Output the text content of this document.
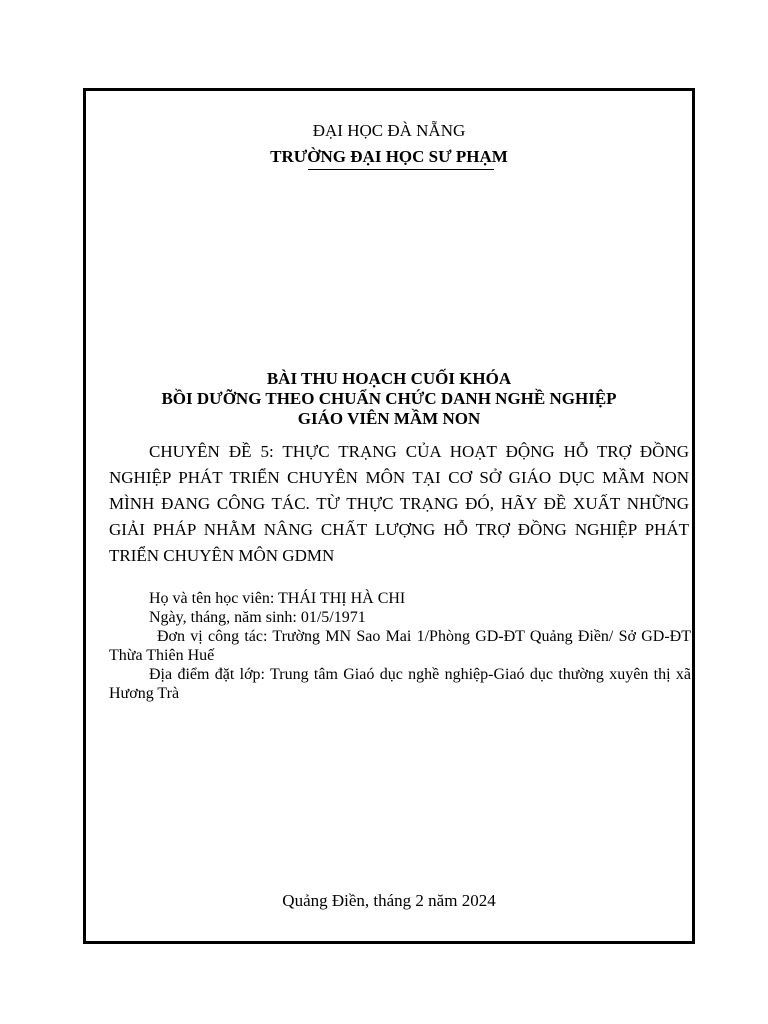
ĐẠI HỌC ĐÀ NẴNG
TRƯỜNG ĐẠI HỌC SƯ PHẠM
BÀI THU HOẠCH CUỐI KHÓA
BỒI DƯỠNG THEO CHUẨN CHỨC DANH NGHỀ NGHIỆP
GIÁO VIÊN MẦM NON
CHUYÊN ĐỀ 5: THỰC TRẠNG CỦA HOẠT ĐỘNG HỖ TRỢ ĐỒNG NGHIỆP PHÁT TRIỂN CHUYÊN MÔN TẠI CƠ SỞ GIÁO DỤC MẦM NON MÌNH ĐANG CÔNG TÁC. TỪ THỰC TRẠNG ĐÓ, HÃY ĐỀ XUẤT NHỮNG GIẢI PHÁP NHẰM NÂNG CHẤT LƯỢNG HỖ TRỢ ĐỒNG NGHIỆP PHÁT TRIỂN CHUYÊN MÔN GDMN

Họ và tên học viên: THÁI THỊ HÀ CHI

Ngày, tháng, năm sinh: 01/5/1971

Đơn vị công tác: Trường MN Sao Mai 1/Phòng GD-ĐT Quảng Điền/ Sở GD-ĐT Thừa Thiên Huế

Địa điểm đặt lớp: Trung tâm Giaó dục nghề nghiệp-Giaó dục thường xuyên thị xã Hương Trà

Quảng Điền, tháng 2 năm 2024
